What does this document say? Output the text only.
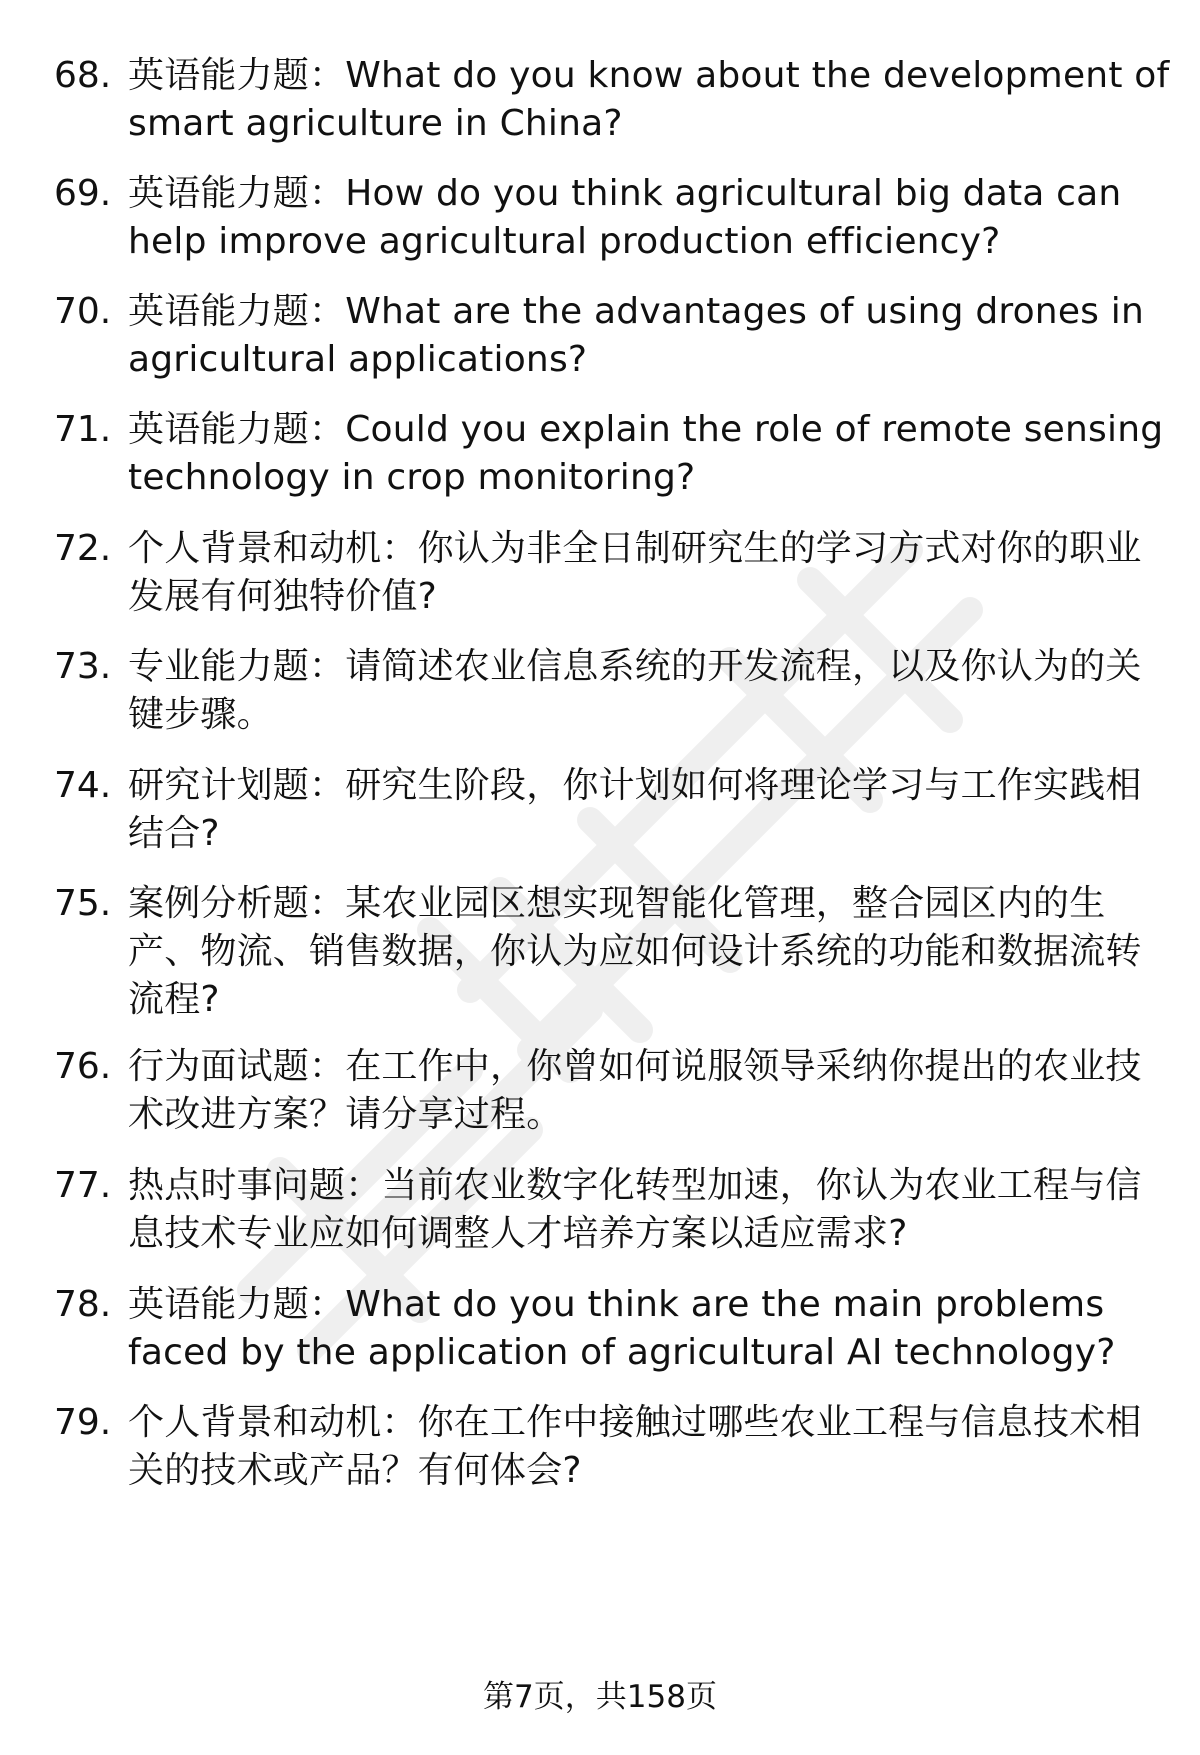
68. 英语能力题：What do you know about the development of
smart agriculture in China?
69. 英语能力题：How do you think agricultural big data can
help improve agricultural production efficiency?
70. 英语能力题：What are the advantages of using drones in
agricultural applications?
71. 英语能力题：Could you explain the role of remote sensing
technology in crop monitoring?
72. 个人背景和动机：你认为非全日制研究生的学习方式对你的职业
发展有何独特价值?
73. 专业能力题：请简述农业信息系统的开发流程，以及你认为的关
键步骤。
74. 研究计划题：研究生阶段，你计划如何将理论学习与工作实践相
结合?
75. 案例分析题：某农业园区想实现智能化管理，整合园区内的生
产、物流、销售数据，你认为应如何设计系统的功能和数据流转
流程?
76. 行为面试题：在工作中，你曾如何说服领导采纳你提出的农业技
术改进方案？请分享过程。
77. 热点时事问题：当前农业数字化转型加速，你认为农业工程与信
息技术专业应如何调整人才培养方案以适应需求?
78. 英语能力题：What do you think are the main problems
faced by the application of agricultural AI technology?
79. 个人背景和动机：你在工作中接触过哪些农业工程与信息技术相
关的技术或产品？有何体会?
第7页，共158页
